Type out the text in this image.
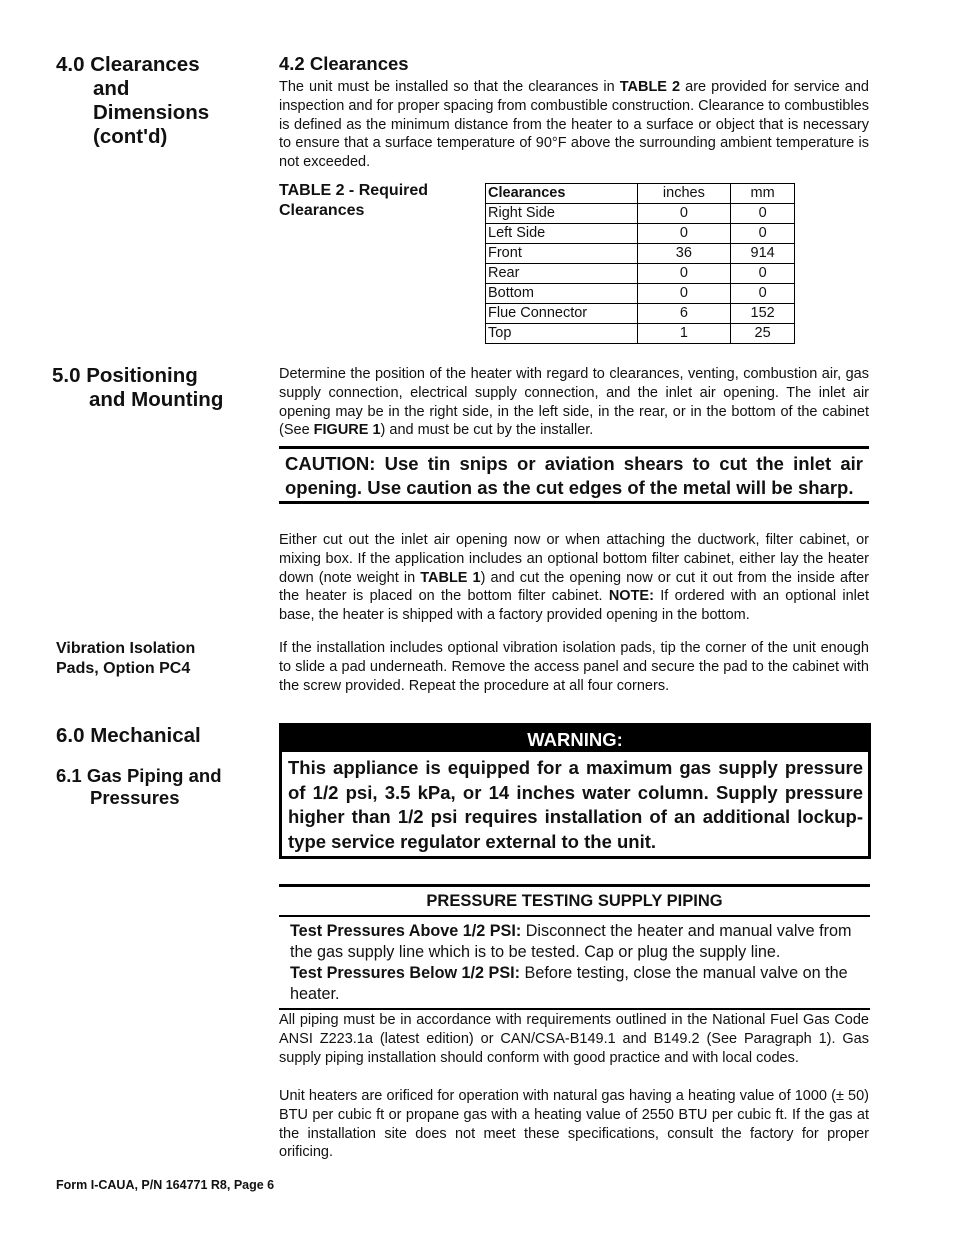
4.0 Clearances
and
Dimensions
(cont'd)
4.2 Clearances

The unit must be installed so that the clearances in TABLE 2 are provided for service and inspection and for proper spacing from combustible construction. Clearance to combustibles is defined as the minimum distance from the heater to a surface or object that is necessary to ensure that a surface temperature of 90°F above the surrounding ambient temperature is not exceeded.

TABLE 2 - Required
Clearances
Clearances	inches	mm
Right Side	0	0
Left Side	0	0
Front	36	914
Rear	0	0
Bottom	0	0
Flue Connector	6	152
Top	1	25
5.0 Positioning
and Mounting

Determine the position of the heater with regard to clearances, venting, combustion air, gas supply connection, electrical supply connection, and the inlet air opening. The inlet air opening may be in the right side, in the left side, in the rear, or in the bottom of the cabinet (See FIGURE 1) and must be cut by the installer.

CAUTION: Use tin snips or aviation shears to cut the inlet air opening. Use caution as the cut edges of the metal will be sharp.

Either cut out the inlet air opening now or when attaching the ductwork, filter cabinet, or mixing box. If the application includes an optional bottom filter cabinet, either lay the heater down (note weight in TABLE 1) and cut the opening now or cut it out from the inside after the heater is placed on the bottom filter cabinet. NOTE: If ordered with an optional inlet base, the heater is shipped with a factory provided opening in the bottom.

Vibration Isolation
Pads, Option PC4

If the installation includes optional vibration isolation pads, tip the corner of the unit enough to slide a pad underneath. Remove the access panel and secure the pad to the cabinet with the screw provided. Repeat the procedure at all four corners.

6.0 Mechanical
6.1 Gas Piping and
Pressures
WARNING:
This appliance is equipped for a maximum gas supply pressure of 1/2 psi, 3.5 kPa, or 14 inches water column. Supply pressure higher than 1/2 psi requires installation of an additional lockup-type service regulator external to the unit.
PRESSURE TESTING SUPPLY PIPING
Test Pressures Above 1/2 PSI: Disconnect the heater and manual valve from the gas supply line which is to be tested. Cap or plug the supply line.
Test Pressures Below 1/2 PSI: Before testing, close the manual valve on the heater.

All piping must be in accordance with requirements outlined in the National Fuel Gas Code ANSI Z223.1a (latest edition) or CAN/CSA-B149.1 and B149.2 (See Paragraph 1). Gas supply piping installation should conform with good practice and with local codes.

Unit heaters are orificed for operation with natural gas having a heating value of 1000 (± 50) BTU per cubic ft or propane gas with a heating value of 2550 BTU per cubic ft. If the gas at the installation site does not meet these specifications, consult the factory for proper orificing.

Form I-CAUA, P/N 164771 R8, Page 6
